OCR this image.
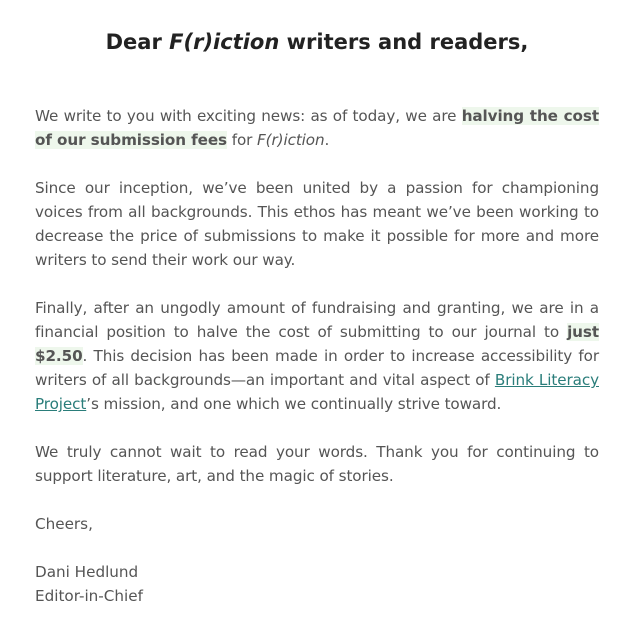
Dear F(r)iction writers and readers,

We write to you with exciting news: as of today, we are halving the cost of our submission fees for F(r)iction.

Since our inception, we’ve been united by a passion for championing voices from all backgrounds. This ethos has meant we’ve been working to decrease the price of submissions to make it possible for more and more writers to send their work our way.

Finally, after an ungodly amount of fundraising and granting, we are in a financial position to halve the cost of submitting to our journal to just $2.50. This decision has been made in order to increase accessibility for writers of all backgrounds—an important and vital aspect of Brink Literacy Project’s mission, and one which we continually strive toward.

We truly cannot wait to read your words. Thank you for continuing to support literature, art, and the magic of stories.

Cheers,

Dani Hedlund

Editor-in-Chief
